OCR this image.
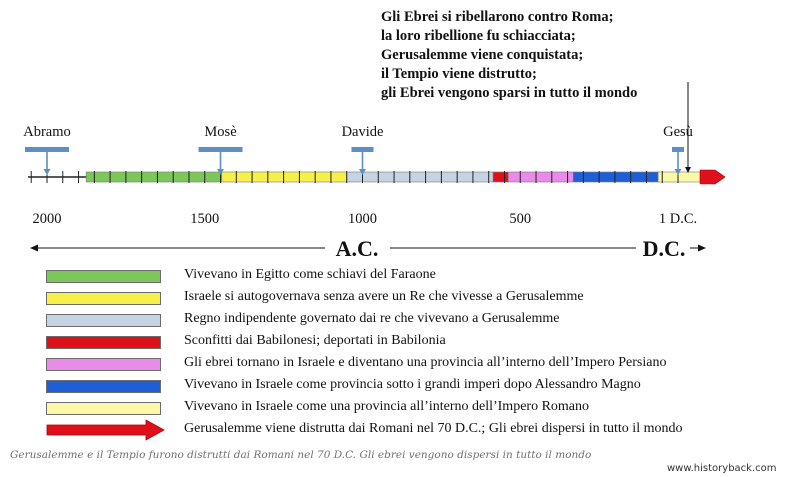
Gli Ebrei si ribellarono contro Roma;
la loro ribellione fu schiacciata;
Gerusalemme viene conquistata;
il Tempio viene distrutto;
gli Ebrei vengono sparsi in tutto il mondo
Abramo	Mosè	Davide	Gesù
2000	1500	1000	500	1 D.C.
A.C.	D.C.
Vivevano in Egitto come schiavi del Faraone
Israele si autogovernava senza avere un Re che vivesse a Gerusalemme
Regno indipendente governato dai re che vivevano a Gerusalemme
Sconfitti dai Babilonesi; deportati in Babilonia
Gli ebrei tornano in Israele e diventano una provincia all’interno dell’Impero Persiano
Vivevano in Israele come provincia sotto i grandi imperi dopo Alessandro Magno
Vivevano in Israele come una provincia all’interno dell’Impero Romano
Gerusalemme viene distrutta dai Romani nel 70 D.C.; Gli ebrei dispersi in tutto il mondo
Gerusalemme e il Tempio furono distrutti dai Romani nel 70 D.C. Gli ebrei vengono dispersi in tutto il mondo
www.historyback.com
